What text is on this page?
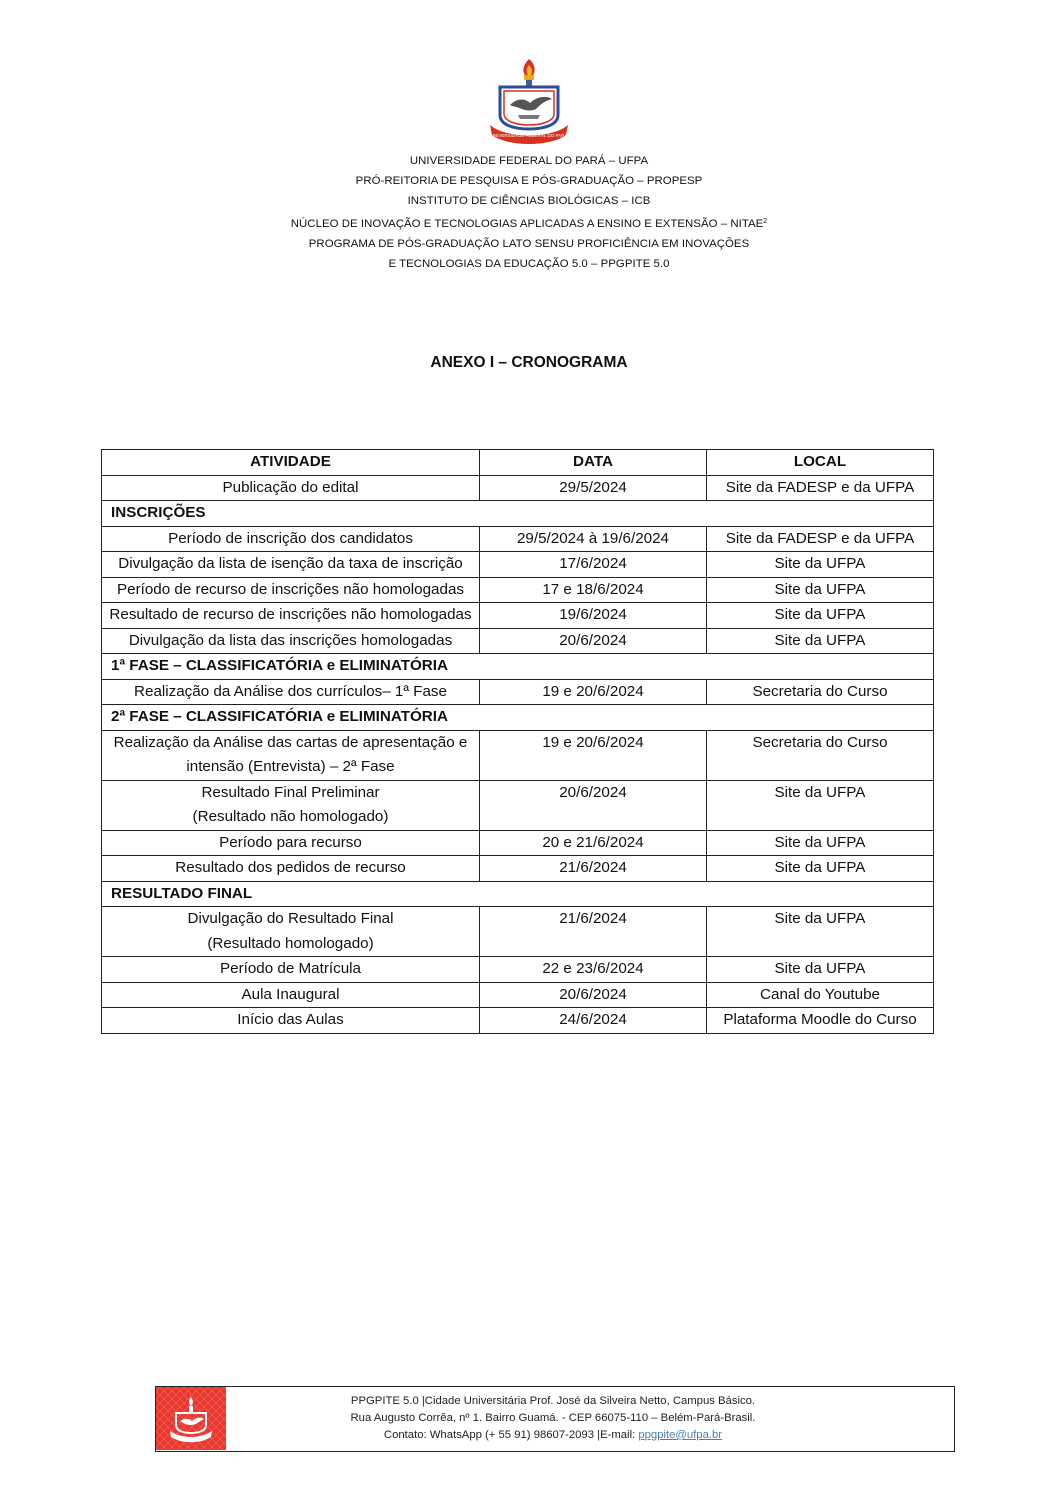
UNIVERSIDADE FEDERAL DO PARÁ
UNIVERSIDADE FEDERAL DO PARÁ – UFPA
PRÓ-REITORIA DE PESQUISA E PÓS-GRADUAÇÃO – PROPESP
INSTITUTO DE CIÊNCIAS BIOLÓGICAS – ICB
NÚCLEO DE INOVAÇÃO E TECNOLOGIAS APLICADAS A ENSINO E EXTENSÃO – NITAE$^2$
PROGRAMA DE PÓS-GRADUAÇÃO LATO SENSU PROFICIÊNCIA EM INOVAÇÕES
E TECNOLOGIAS DA EDUCAÇÃO 5.0 – PPGPITE 5.0
ANEXO I – CRONOGRAMA
ATIVIDADE	DATA	LOCAL
Publicação do edital	29/5/2024	Site da FADESP e da UFPA
INSCRIÇÕES		
Período de inscrição dos candidatos	29/5/2024 à 19/6/2024	Site da FADESP e da UFPA
Divulgação da lista de isenção da taxa de inscrição	17/6/2024	Site da UFPA
Período de recurso de inscrições não homologadas	17 e 18/6/2024	Site da UFPA
Resultado de recurso de inscrições não homologadas	19/6/2024	Site da UFPA
Divulgação da lista das inscrições homologadas	20/6/2024	Site da UFPA
1ª FASE – CLASSIFICATÓRIA e ELIMINATÓRIA		
Realização da Análise dos currículos– 1ª Fase	19 e 20/6/2024	Secretaria do Curso
2ª FASE – CLASSIFICATÓRIA e ELIMINATÓRIA		
Realização da Análise das cartas de apresentação e intensão (Entrevista) – 2ª Fase	19 e 20/6/2024	Secretaria do Curso
Resultado Final Preliminar
(Resultado não homologado)	20/6/2024	Site da UFPA
Período para recurso	20 e 21/6/2024	Site da UFPA
Resultado dos pedidos de recurso	21/6/2024	Site da UFPA
RESULTADO FINAL		
Divulgação do Resultado Final
(Resultado homologado)	21/6/2024	Site da UFPA
Período de Matrícula	22 e 23/6/2024	Site da UFPA
Aula Inaugural	20/6/2024	Canal do Youtube
Início das Aulas	24/6/2024	Plataforma Moodle do Curso
PPGPITE 5.0 |Cidade Universitária Prof. José da Silveira Netto, Campus Básico.
Rua Augusto Corrêa, nº 1. Bairro Guamá. - CEP 66075-110 – Belém-Pará-Brasil.
Contato: WhatsApp (+ 55 91) 98607-2093 |E-mail: ppgpite@ufpa.br
